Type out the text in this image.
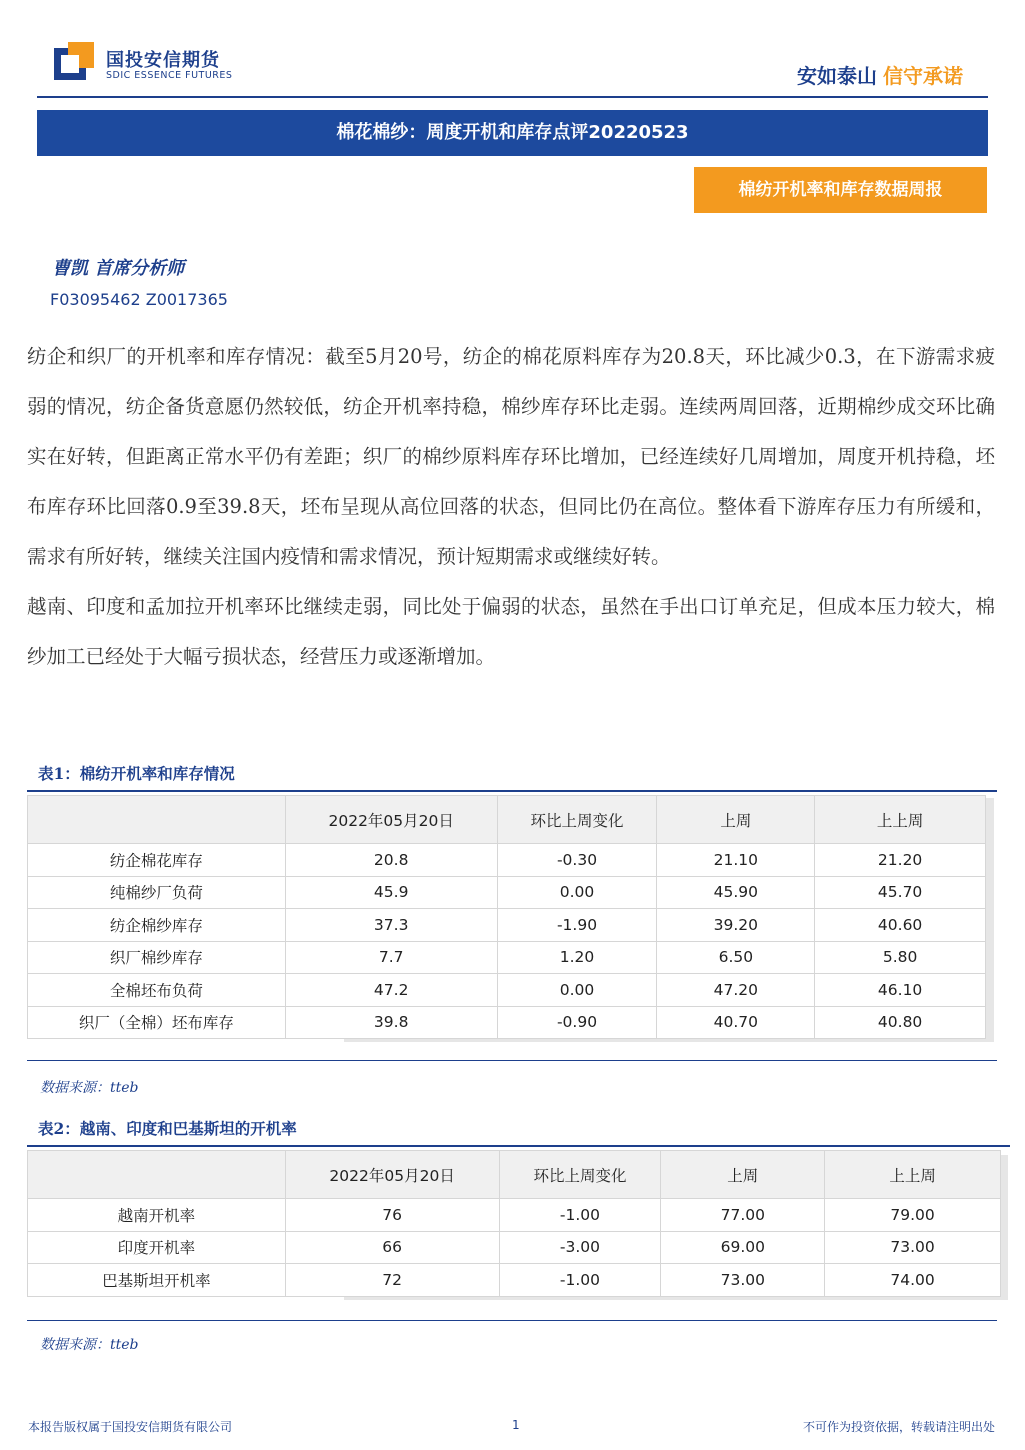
国投安信期货
SDIC ESSENCE FUTURES	安如泰山 信守承诺
棉花棉纱：周度开机和库存点评20220523
棉纺开机率和库存数据周报
曹凯 首席分析师
F03095462 Z0017365

纺企和织厂的开机率和库存情况：截至5月20号，纺企的棉花原料库存为20.8天，环比减少0.3，在下游需求疲弱的情况，纺企备货意愿仍然较低，纺企开机率持稳，棉纱库存环比走弱。连续两周回落，近期棉纱成交环比确实在好转，但距离正常水平仍有差距；织厂的棉纱原料库存环比增加，已经连续好几周增加，周度开机持稳，坯布库存环比回落0.9至39.8天，坯布呈现从高位回落的状态，但同比仍在高位。整体看下游库存压力有所缓和，需求有所好转，继续关注国内疫情和需求情况，预计短期需求或继续好转。

越南、印度和孟加拉开机率环比继续走弱，同比处于偏弱的状态，虽然在手出口订单充足，但成本压力较大，棉纱加工已经处于大幅亏损状态，经营压力或逐渐增加。

表1：棉纺开机率和库存情况
	2022年05月20日	环比上周变化	上周	上上周
纺企棉花库存	20.8	-0.30	21.10	21.20
纯棉纱厂负荷	45.9	0.00	45.90	45.70
纺企棉纱库存	37.3	-1.90	39.20	40.60
织厂棉纱库存	7.7	1.20	6.50	5.80
全棉坯布负荷	47.2	0.00	47.20	46.10
织厂（全棉）坯布库存	39.8	-0.90	40.70	40.80
数据来源：tteb
表2：越南、印度和巴基斯坦的开机率
	2022年05月20日	环比上周变化	上周	上上周
越南开机率	76	-1.00	77.00	79.00
印度开机率	66	-3.00	69.00	73.00
巴基斯坦开机率	72	-1.00	73.00	74.00
数据来源：tteb
本报告版权属于国投安信期货有限公司	1	不可作为投资依据，转载请注明出处
